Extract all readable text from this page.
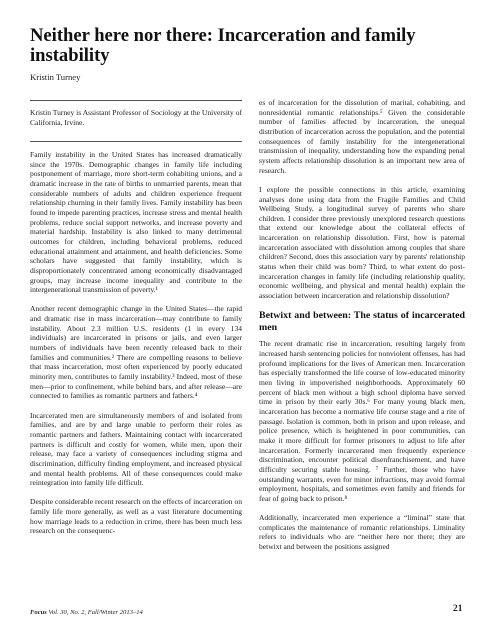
Neither here nor there: Incarceration and family instability

Kristin Turney

Kristin Turney is Assistant Professor of Sociology at the University of California, Irvine.

Family instability in the United States has increased dramatically since the 1970s. Demographic changes in family life including postponement of marriage, more short-term cohabiting unions, and a dramatic increase in the rate of births to unmarried parents, mean that considerable numbers of adults and children experience frequent relationship churning in their family lives. Family instability has been found to impede parenting practices, increase stress and mental health problems, reduce social support networks, and increase poverty and material hardship. Instability is also linked to many detrimental outcomes for children, including behavioral problems, reduced educational attainment and attainment, and health deficiencies. Some scholars have suggested that family instability, which is disproportionately concentrated among economically disadvantaged groups, may increase income inequality and contribute to the intergenerational transmission of poverty.¹

Another recent demographic change in the United States—the rapid and dramatic rise in mass incarceration—may contribute to family instability. About 2.3 million U.S. residents (1 in every 134 individuals) are incarcerated in prisons or jails, and even larger numbers of individuals have been recently released back to their families and communities.² There are compelling reasons to believe that mass incarceration, most often experienced by poorly educated minority men, contributes to family instability.³ Indeed, most of these men—prior to confinement, while behind bars, and after release—are connected to families as romantic partners and fathers.⁴

Incarcerated men are simultaneously members of and isolated from families, and are by and large unable to perform their roles as romantic partners and fathers. Maintaining contact with incarcerated partners is difficult and costly for women, while men, upon their release, may face a variety of consequences including stigma and discrimination, difficulty finding employment, and increased physical and mental health problems. All of these consequences could make reintegration into family life difficult.

Despite considerable recent research on the effects of incarceration on family life more generally, as well as a vast literature documenting how marriage leads to a reduction in crime, there has been much less research on the consequenc-

es of incarceration for the dissolution of marital, cohabiting, and nonresidential romantic relationships.⁵ Given the considerable number of families affected by incarceration, the unequal distribution of incarceration across the population, and the potential consequences of family instability for the intergenerational transmission of inequality, understanding how the expanding penal system affects relationship dissolution is an important new area of research.

I explore the possible connections in this article, examining analyses done using data from the Fragile Families and Child Wellbeing Study, a longitudinal survey of parents who share children. I consider three previously unexplored research questions that extend our knowledge about the collateral effects of incarceration on relationship dissolution. First, how is paternal incarceration associated with dissolution among couples that share children? Second, does this association vary by parents' relationship status when their child was born? Third, to what extent do post-incarceration changes in family life (including relationship quality, economic wellbeing, and physical and mental health) explain the association between incarceration and relationship dissolution?

Betwixt and between: The status of incarcerated men

The recent dramatic rise in incarceration, resulting largely from increased harsh sentencing policies for nonviolent offenses, has had profound implications for the lives of American men. Incarceration has especially transformed the life course of low-educated minority men living in impoverished neighborhoods. Approximately 60 percent of black men without a high school diploma have served time in prison by their early 30s.⁶ For many young black men, incarceration has become a normative life course stage and a rite of passage. Isolation is common, both in prison and upon release, and police presence, which is heightened in poor communities, can make it more difficult for former prisoners to adjust to life after incarceration. Formerly incarcerated men frequently experience discrimination, encounter political disenfranchisement, and have difficulty securing stable housing. ⁷ Further, those who have outstanding warrants, even for minor infractions, may avoid formal employment, hospitals, and sometimes even family and friends for fear of going back to prison.⁸

Additionally, incarcerated men experience a “liminal” state that complicates the maintenance of romantic relationships. Liminality refers to individuals who are “neither here nor there; they are betwixt and between the positions assigned

Focus Vol. 30, No. 2, Fall/Winter 2013–14	21
